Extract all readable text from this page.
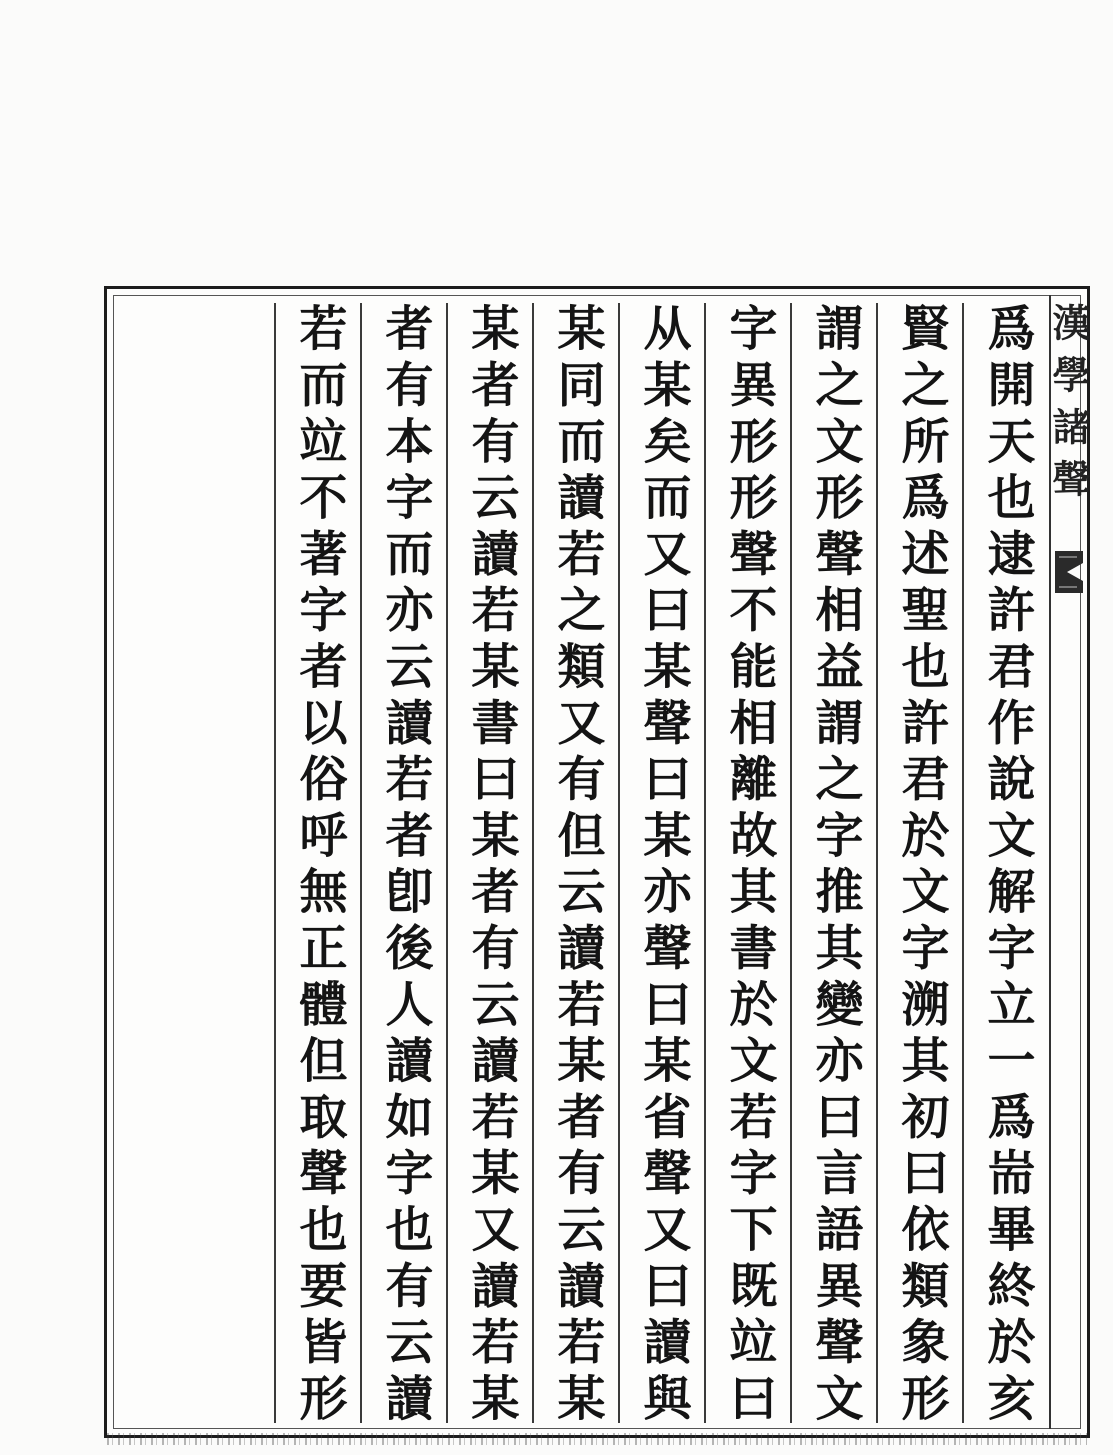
漢學諸聲
爲開天也逮許君作說文解字立一爲耑畢終於亥
賢之所爲述聖也許君於文字溯其初曰依類象形
謂之文形聲相益謂之字推其變亦曰言語異聲文
字異形形聲不能相離故其書於文若字下既竝曰
从某矣而又曰某聲曰某亦聲曰某省聲又曰讀與
某同而讀若之類又有但云讀若某者有云讀若某
某者有云讀若某書曰某者有云讀若某又讀若某
者有本字而亦云讀若者卽後人讀如字也有云讀
若而竝不著字者以俗呼無正體但取聲也要皆形
